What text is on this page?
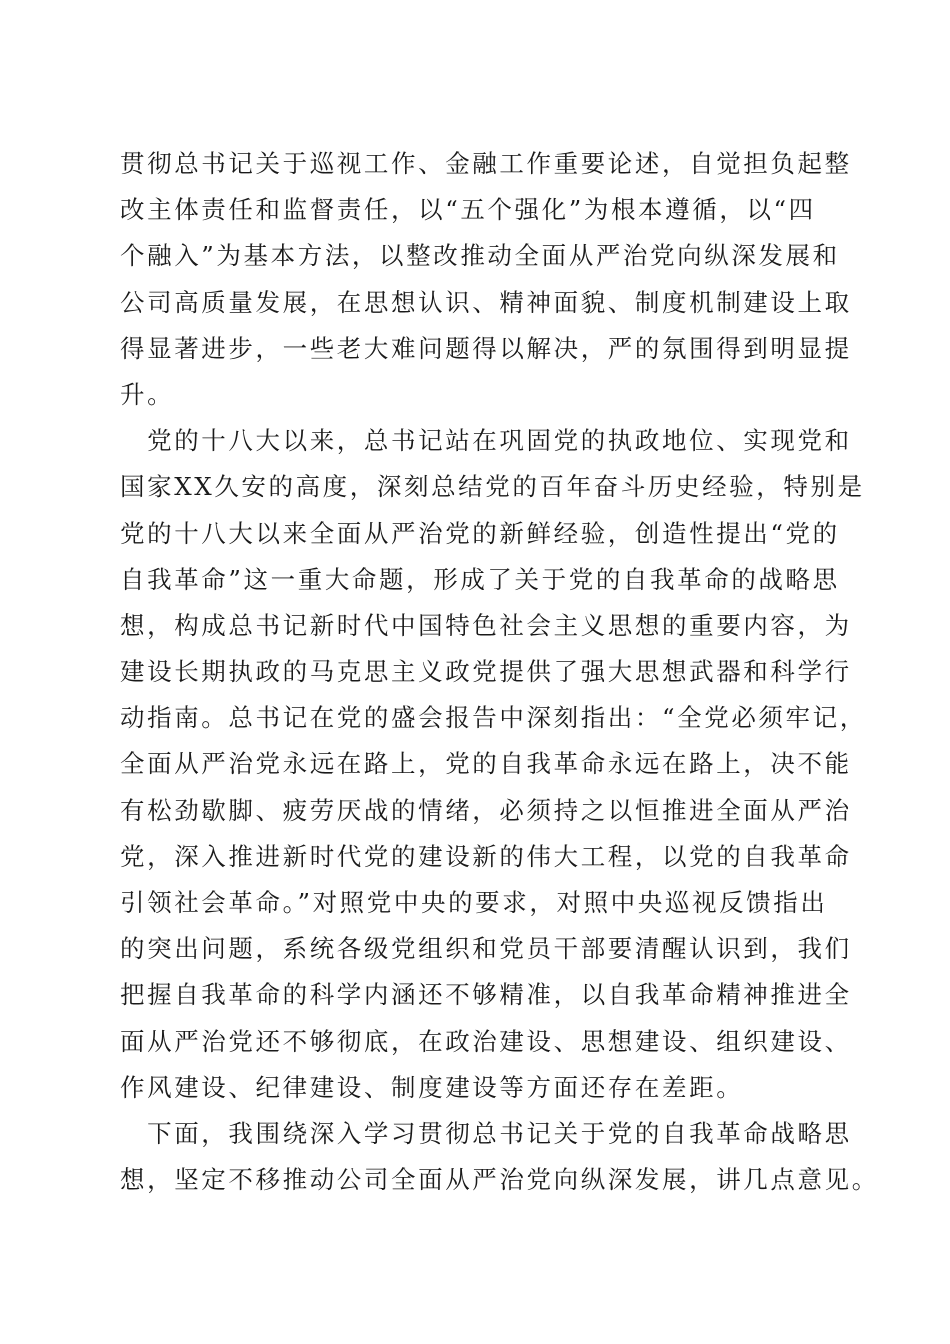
贯彻总书记关于巡视工作、金融工作重要论述，自觉担负起整
改主体责任和监督责任，以“五个强化”为根本遵循，以“四
个融入”为基本方法，以整改推动全面从严治党向纵深发展和
公司高质量发展，在思想认识、精神面貌、制度机制建设上取
得显著进步，一些老大难问题得以解决，严的氛围得到明显提
升。
　党的十八大以来，总书记站在巩固党的执政地位、实现党和
国家XX久安的高度，深刻总结党的百年奋斗历史经验，特别是
党的十八大以来全面从严治党的新鲜经验，创造性提出“党的
自我革命”这一重大命题，形成了关于党的自我革命的战略思
想，构成总书记新时代中国特色社会主义思想的重要内容，为
建设长期执政的马克思主义政党提供了强大思想武器和科学行
动指南。总书记在党的盛会报告中深刻指出：“全党必须牢记，
全面从严治党永远在路上，党的自我革命永远在路上，决不能
有松劲歇脚、疲劳厌战的情绪，必须持之以恒推进全面从严治
党，深入推进新时代党的建设新的伟大工程，以党的自我革命
引领社会革命。”对照党中央的要求，对照中央巡视反馈指出
的突出问题，系统各级党组织和党员干部要清醒认识到，我们
把握自我革命的科学内涵还不够精准，以自我革命精神推进全
面从严治党还不够彻底，在政治建设、思想建设、组织建设、
作风建设、纪律建设、制度建设等方面还存在差距。
　下面，我围绕深入学习贯彻总书记关于党的自我革命战略思
想，坚定不移推动公司全面从严治党向纵深发展，讲几点意见。
